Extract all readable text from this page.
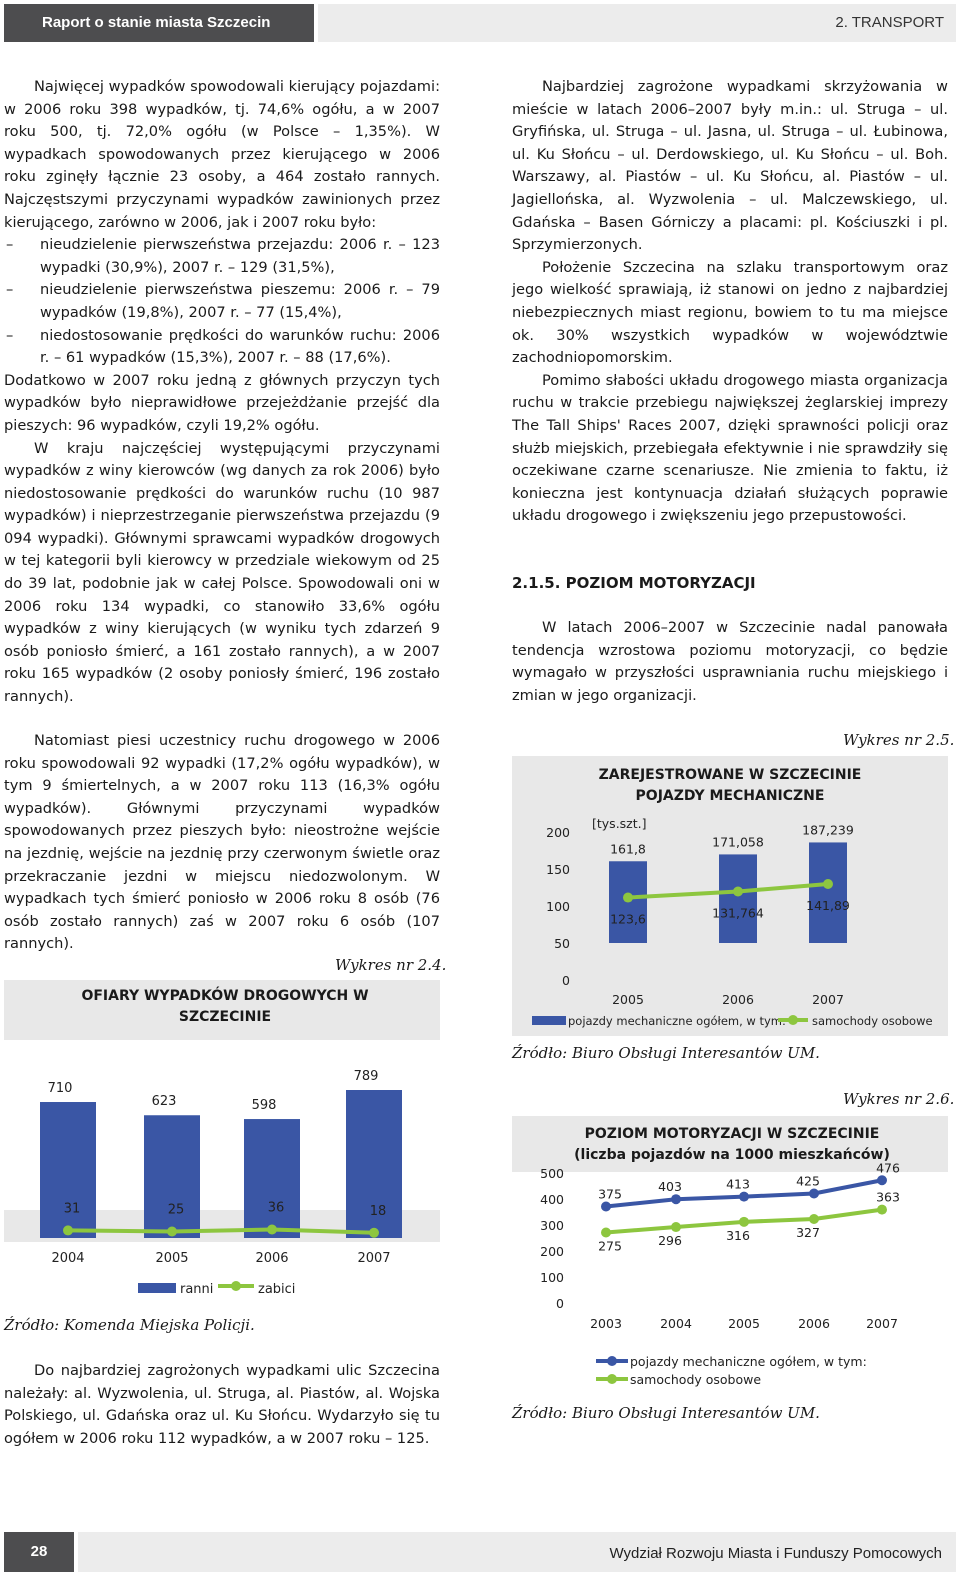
Raport o stanie miasta Szczecin	2. TRANSPORT

Najwięcej wypadków spowodowali kierujący pojazdami: w 2006 roku 398 wypadków, tj. 74,6% ogółu, a w 2007 roku 500, tj. 72,0% ogółu (w Polsce – 1,35%). W wypadkach spowodowanych przez kierującego w 2006 roku zginęły łącznie 23 osoby, a 464 zostało rannych. Najczęstszymi przyczynami wypadków zawinionych przez kierującego, zarówno w 2006, jak i 2007 roku było:

– nieudzielenie pierwszeństwa przejazdu: 2006 r. – 123 wypadki (30,9%), 2007 r. – 129 (31,5%),

– nieudzielenie pierwszeństwa pieszemu: 2006 r. – 79 wypadków (19,8%), 2007 r. – 77 (15,4%),

– niedostosowanie prędkości do warunków ruchu: 2006 r. – 61 wypadków (15,3%), 2007 r. – 88 (17,6%).

Dodatkowo w 2007 roku jedną z głównych przyczyn tych wypadków było nieprawidłowe przejeżdżanie przejść dla pieszych: 96 wypadków, czyli 19,2% ogółu.

W kraju najczęściej występującymi przyczynami wypadków z winy kierowców (wg danych za rok 2006) było niedostosowanie prędkości do warunków ruchu (10 987 wypadków) i nieprzestrzeganie pierwszeństwa przejazdu (9 094 wypadki). Głównymi sprawcami wypadków drogowych w tej kategorii byli kierowcy w przedziale wiekowym od 25 do 39 lat, podobnie jak w całej Polsce. Spowodowali oni w 2006 roku 134 wypadki, co stanowiło 33,6% ogółu wypadków z winy kierujących (w wyniku tych zdarzeń 9 osób poniosło śmierć, a 161 zostało rannych), a w 2007 roku 165 wypadków (2 osoby poniosły śmierć, 196 zostało rannych).

Natomiast piesi uczestnicy ruchu drogowego w 2006 roku spowodowali 92 wypadki (17,2% ogółu wypadków), w tym 9 śmiertelnych, a w 2007 roku 113 (16,3% ogółu wypadków). Głównymi przyczynami wypadków spowodowanych przez pieszych było: nieostrożne wejście na jezdnię, wejście na jezdnię przy czerwonym świetle oraz przekraczanie jezdni w miejscu niedozwolonym. W wypadkach tych śmierć poniosło w 2006 roku 8 osób (76 osób zostało rannych) zaś w 2007 roku 6 osób (107 rannych).

Wykres nr 2.4.
OFIARY WYPADKÓW DROGOWYCH W SZCZECINIE
710
623	598
789
31	25	36	18
2004	2005	2006	2007
ranni	zabici
Źródło: Komenda Miejska Policji.

Do najbardziej zagrożonych wypadkami ulic Szczecina należały: al. Wyzwolenia, ul. Struga, al. Piastów, al. Wojska Polskiego, ul. Gdańska oraz ul. Ku Słońcu. Wydarzyło się tu ogółem w 2006 roku 112 wypadków, a w 2007 roku – 125.

Najbardziej zagrożone wypadkami skrzyżowania w mieście w latach 2006–2007 były m.in.: ul. Struga – ul. Gryfińska, ul. Struga – ul. Jasna, ul. Struga – ul. Łubinowa, ul. Ku Słońcu – ul. Derdowskiego, ul. Ku Słońcu – ul. Boh. Warszawy, al. Piastów – ul. Ku Słońcu, al. Piastów – ul. Jagiellońska, al. Wyzwolenia – ul. Malczewskiego, ul. Gdańska – Basen Górniczy a placami: pl. Kościuszki i pl. Sprzymierzonych.

Położenie Szczecina na szlaku transportowym oraz jego wielkość sprawiają, iż stanowi on jedno z najbardziej niebezpiecznych miast regionu, bowiem to tu ma miejsce ok. 30% wszystkich wypadków w województwie zachodniopomorskim.

Pomimo słabości układu drogowego miasta organizacja ruchu w trakcie przebiegu największej żeglarskiej imprezy The Tall Ships' Races 2007, dzięki sprawności policji oraz służb miejskich, przebiegała efektywnie i nie sprawdziły się oczekiwane czarne scenariusze. Nie zmienia to faktu, iż konieczna jest kontynuacja działań służących poprawie układu drogowego i zwiększeniu jego przepustowości.

2.1.5. POZIOM MOTORYZACJI

W latach 2006–2007 w Szczecinie nadal panowała tendencja wzrostowa poziomu motoryzacji, co będzie wymagało w przyszłości usprawniania ruchu miejskiego i zmian w jego organizacji.

Wykres nr 2.5.
ZAREJESTROWANE W SZCZECINIE POJAZDY MECHANICZNE
0
50
100
150
200
[tys.szt.]
161,8	171,058
187,239
123,6	131,764	141,89
2005	2006	2007
pojazdy mechaniczne ogółem, w tym: samochody osobowe
Źródło: Biuro Obsługi Interesantów UM.
Wykres nr 2.6.
POZIOM MOTORYZACJI W SZCZECINIE (liczba pojazdów na 1000 mieszkańców)
0
100
200
300
400
500
375	403	413	425
476
275	296	316	327
363
2003	2004	2005	2006	2007
pojazdy mechaniczne ogółem, w tym:
samochody osobowe
Źródło: Biuro Obsługi Interesantów UM.
28	Wydział Rozwoju Miasta i Funduszy Pomocowych
